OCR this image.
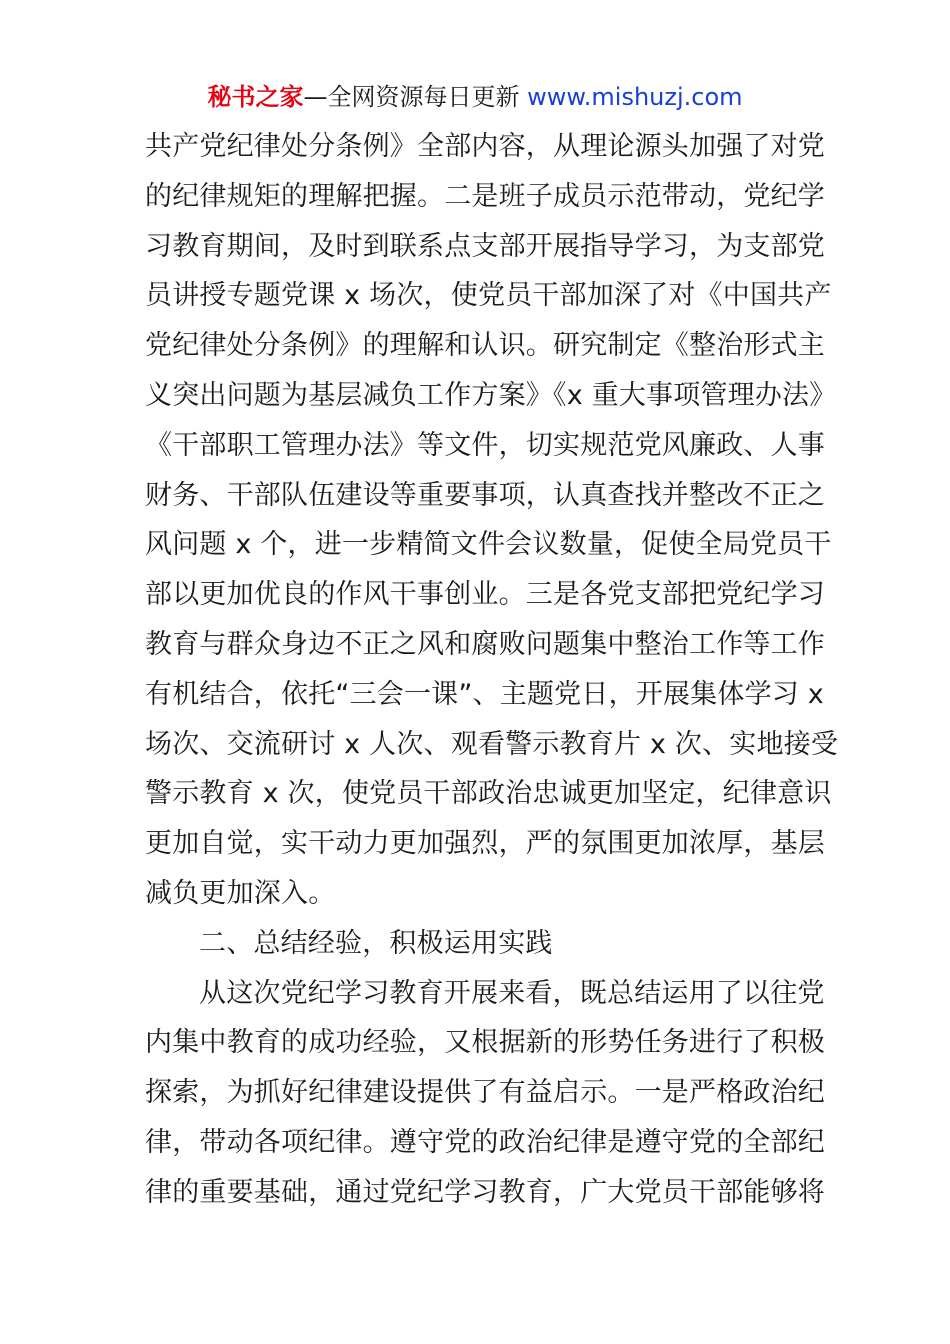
秘书之家—全网资源每日更新 www.mishuzj.com
共产党纪律处分条例》全部内容，从理论源头加强了对党
的纪律规矩的理解把握。二是班子成员示范带动，党纪学
习教育期间，及时到联系点支部开展指导学习，为支部党
员讲授专题党课 x 场次，使党员干部加深了对《中国共产
党纪律处分条例》的理解和认识。研究制定《整治形式主
义突出问题为基层减负工作方案》《x 重大事项管理办法》
《干部职工管理办法》等文件，切实规范党风廉政、人事
财务、干部队伍建设等重要事项，认真查找并整改不正之
风问题 x 个，进一步精简文件会议数量，促使全局党员干
部以更加优良的作风干事创业。三是各党支部把党纪学习
教育与群众身边不正之风和腐败问题集中整治工作等工作
有机结合，依托“三会一课”、主题党日，开展集体学习 x
场次、交流研讨 x 人次、观看警示教育片 x 次、实地接受
警示教育 x 次，使党员干部政治忠诚更加坚定，纪律意识
更加自觉，实干动力更加强烈，严的氛围更加浓厚，基层
减负更加深入。
二、总结经验，积极运用实践
从这次党纪学习教育开展来看，既总结运用了以往党
内集中教育的成功经验，又根据新的形势任务进行了积极
探索，为抓好纪律建设提供了有益启示。一是严格政治纪
律，带动各项纪律。遵守党的政治纪律是遵守党的全部纪
律的重要基础，通过党纪学习教育，广大党员干部能够将
